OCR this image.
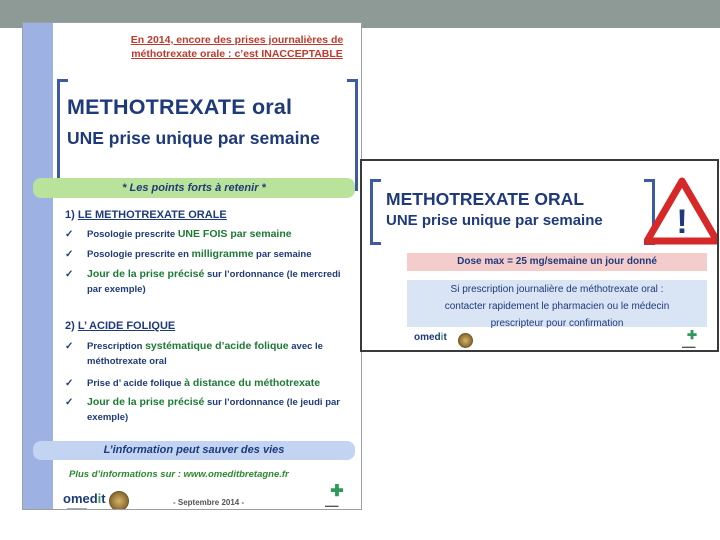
En 2014, encore des prises journalières de
méthotrexate orale : c’est INACCEPTABLE
METHOTREXATE oral
UNE prise unique par semaine
* Les points forts à retenir *
1) LE METHOTREXATE ORALE
✓	Posologie prescrite UNE FOIS par semaine
✓	Posologie prescrite en milligramme par semaine
✓	Jour de la prise précisé sur l’ordonnance (le mercredi par exemple)
2) L’ ACIDE FOLIQUE
✓	Prescription systématique d’acide folique avec le méthotrexate oral
✓	Prise d’ acide folique à distance du méthotrexate
✓	Jour de la prise précisé sur l’ordonnance (le jeudi par exemple)
L’information peut sauver des vies
Plus d’informations sur : www.omeditbretagne.fr
omedit
▬▬▬▬
- Septembre 2014 -
✚
▬▬▬
METHOTREXATE ORAL
UNE prise unique par semaine !
Dose max = 25 mg/semaine un jour donné
Si prescription journalière de méthotrexate oral :
contacter rapidement le pharmacien ou le médecin
prescripteur pour confirmation
omedit	✚
▬▬▬
